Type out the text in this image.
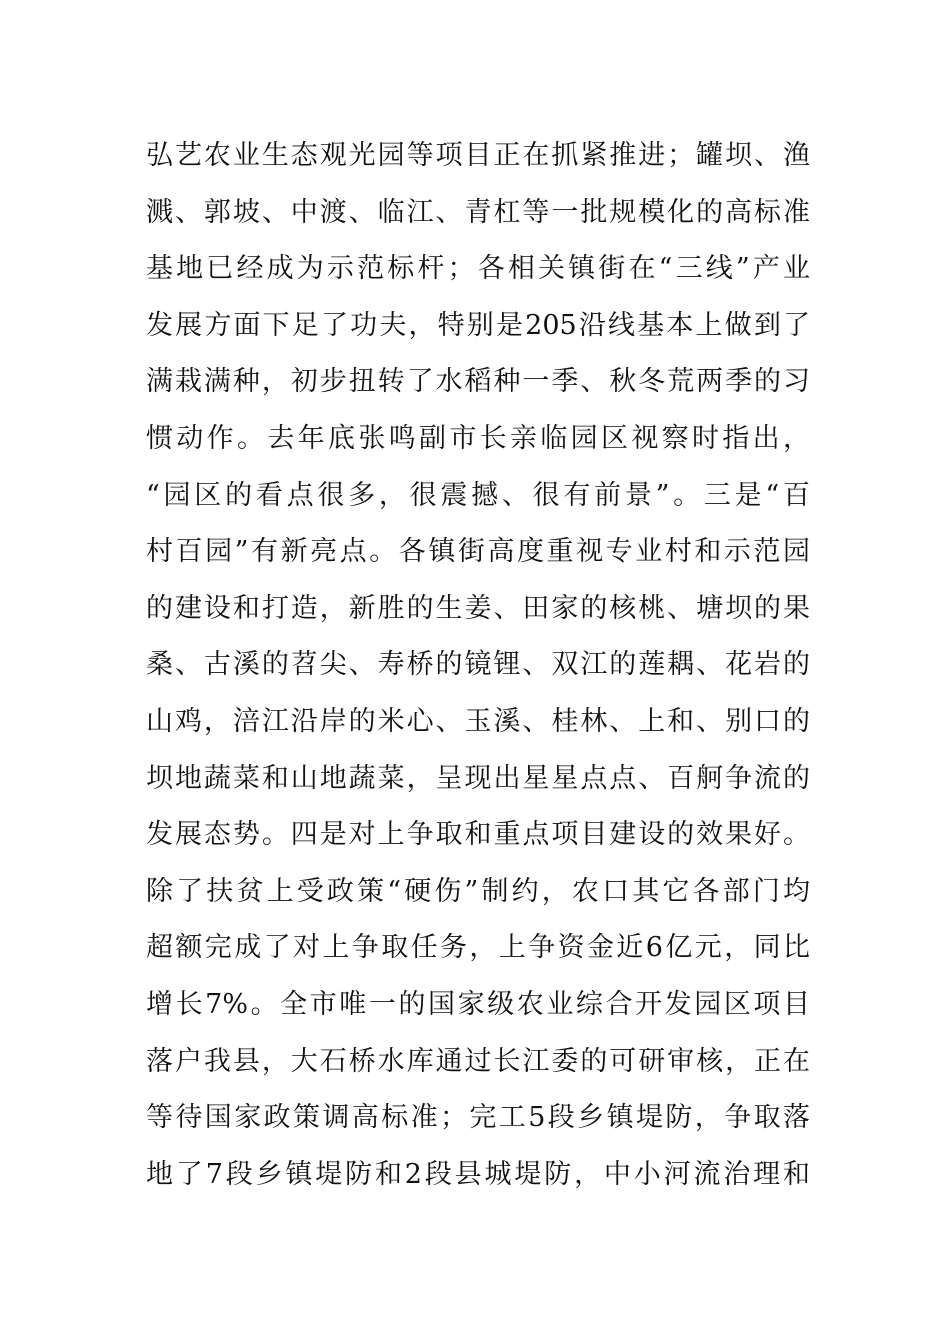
弘艺农业生态观光园等项目正在抓紧推进；罐坝、渔
溅、郭坡、中渡、临江、青杠等一批规模化的高标准
基地已经成为示范标杆；各相关镇街在“三线”产业
发展方面下足了功夫，特别是205沿线基本上做到了
满栽满种，初步扭转了水稻种一季、秋冬荒两季的习
惯动作。去年底张鸣副市长亲临园区视察时指出，
“园区的看点很多，很震撼、很有前景”。三是“百
村百园”有新亮点。各镇街高度重视专业村和示范园
的建设和打造，新胜的生姜、田家的核桃、塘坝的果
桑、古溪的苕尖、寿桥的镜锂、双江的莲耦、花岩的
山鸡，涪江沿岸的米心、玉溪、桂林、上和、别口的
坝地蔬菜和山地蔬菜，呈现出星星点点、百舸争流的
发展态势。四是对上争取和重点项目建设的效果好。
除了扶贫上受政策“硬伤”制约，农口其它各部门均
超额完成了对上争取任务，上争资金近6亿元，同比
增长7%。全市唯一的国家级农业综合开发园区项目
落户我县，大石桥水库通过长江委的可研审核，正在
等待国家政策调高标准；完工5段乡镇堤防，争取落
地了7段乡镇堤防和2段县城堤防，中小河流治理和
